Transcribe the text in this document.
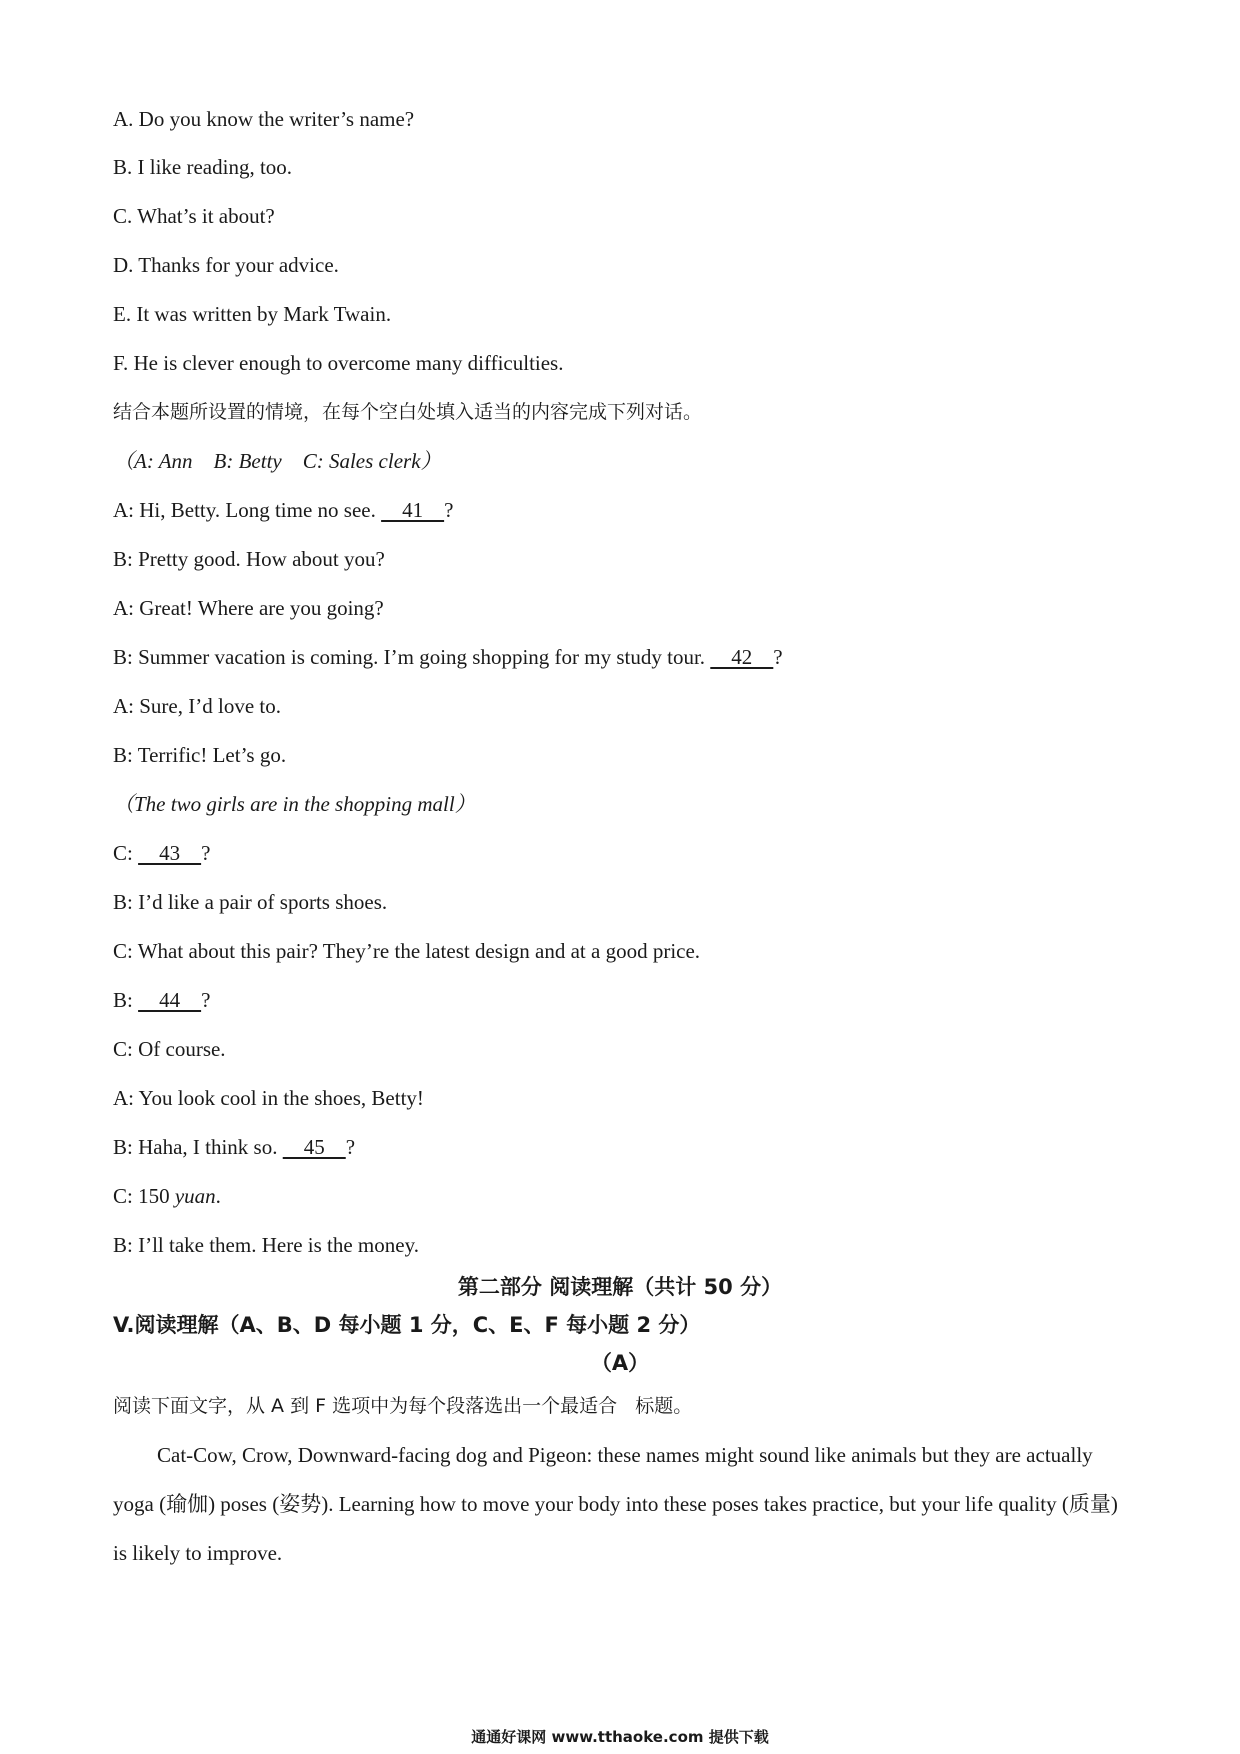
A. Do you know the writer’s name?
B. I like reading, too.
C. What’s it about?
D. Thanks for your advice.
E. It was written by Mark Twain.
F. He is clever enough to overcome many difficulties.
结合本题所设置的情境，在每个空白处填入适当的内容完成下列对话。
（A: Ann    B: Betty    C: Sales clerk）
A: Hi, Betty. Long time no see.     41    ?
B: Pretty good. How about you?
A: Great! Where are you going?
B: Summer vacation is coming. I’m going shopping for my study tour.     42    ?
A: Sure, I’d love to.
B: Terrific! Let’s go.
（The two girls are in the shopping mall）
C:     43    ?
B: I’d like a pair of sports shoes.
C: What about this pair? They’re the latest design and at a good price.
B:     44    ?
C: Of course.
A: You look cool in the shoes, Betty!
B: Haha, I think so.     45    ?
C: 150 yuan.
B: I’ll take them. Here is the money.
第二部分 阅读理解（共计 50 分）
V.阅读理解（A、B、D 每小题 1 分，C、E、F 每小题 2 分）
（A）
阅读下面文字，从 A 到 F 选项中为每个段落选出一个最适合   标题。
Cat-Cow, Crow, Downward-facing dog and Pigeon: these names might sound like animals but they are actually yoga (瑜伽) poses (姿势). Learning how to move your body into these poses takes practice, but your life quality (质量) is likely to improve.
通通好课网 www.tthaoke.com 提供下载
